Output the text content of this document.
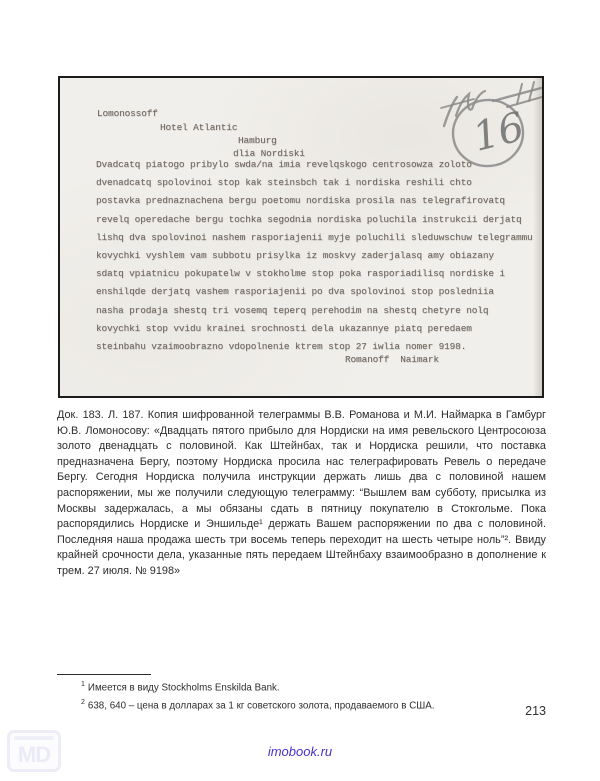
16
Lomonossoff
Hotel Atlantic
Hamburg
dlia Nordiski
Dvadcatq piatogo pribylo swda/na imia revelqskogo centrosowza zoloto
dvenadcatq spolovinoi stop kak steinsbch tak i nordiska reshili chto
postavka prednaznachena bergu poetomu nordiska prosila nas telegrafirovatq
revelq operedache bergu tochka segodnia nordiska poluchila instrukcii derjatq
lishq dva spolovinoi nashem rasporiajenii myje poluchili sleduwschuw telegrammu
kovychki vyshlem vam subbotu prisylka iz moskvy zaderjalasq amy obiazany
sdatq vpiatnicu pokupatelw v stokholme stop poka rasporiadilisq nordiske i
enshilqde derjatq vashem rasporiajenii po dva spolovinoi stop posledniia
nasha prodaja shestq tri vosemq teperq perehodim na shestq chetyre nolq
kovychki stop vvidu krainei srochnosti dela ukazannye piatq peredaem
steinbahu vzaimoobrazno vdopolnenie ktrem stop 27 iwlia nomer 9198.
Romanoff  Naimark

Док. 183. Л. 187. Копия шифрованной телеграммы В.В. Романова и М.И. Наймарка в Гамбург Ю.В. Ломоносову: «Двадцать пятого прибыло для Нордиски на имя ревельского Центросоюза золото двенадцать с половиной. Как Штейнбах, так и Нордиска решили, что поставка предназначена Бергу, поэтому Нордиска просила нас телеграфировать Ревель о передаче Бергу. Сегодня Нордиска получила инструкции держать лишь два с половиной нашем распоряжении, мы же получили следующую телеграмму: “Вышлем вам субботу, присылка из Москвы задержалась, а мы обязаны сдать в пятницу покупателю в Стокгольме. Пока распорядились Нордиске и Эншильде¹ держать Вашем распоряжении по два с половиной. Последняя наша продажа шесть три восемь теперь переходит на шесть четыре ноль”². Ввиду крайней срочности дела, указанные пять передаем Штейнбаху взаимообразно в дополнение к трем. 27 июля. № 9198»

$^1$ Имеется в виду Stockholms Enskilda Bank.
$^2$ 638, 640 – цена в долларах за 1 кг советского золота, продаваемого в США.	213
imobook.ru
MD
